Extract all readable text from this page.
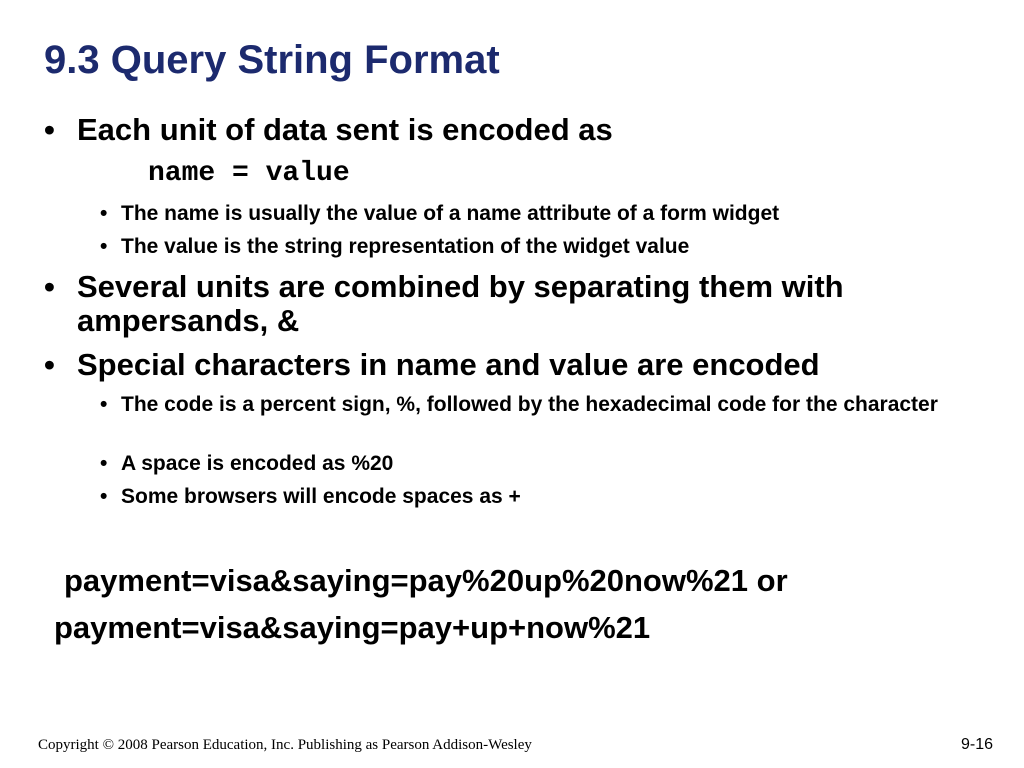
9.3 Query String Format
• Each unit of data sent is encoded as
name = value
• The name is usually the value of a name attribute of a form widget
• The value is the string representation of the widget value
• Several units are combined by separating them with ampersands, &
• Special characters in name and value are encoded
• The code is a percent sign, %, followed by the hexadecimal code for the character
• A space is encoded as %20
• Some browsers will encode spaces as +
payment=visa&saying=pay%20up%20now%21 or
payment=visa&saying=pay+up+now%21
Copyright © 2008 Pearson Education, Inc. Publishing as Pearson Addison-Wesley	9-16
